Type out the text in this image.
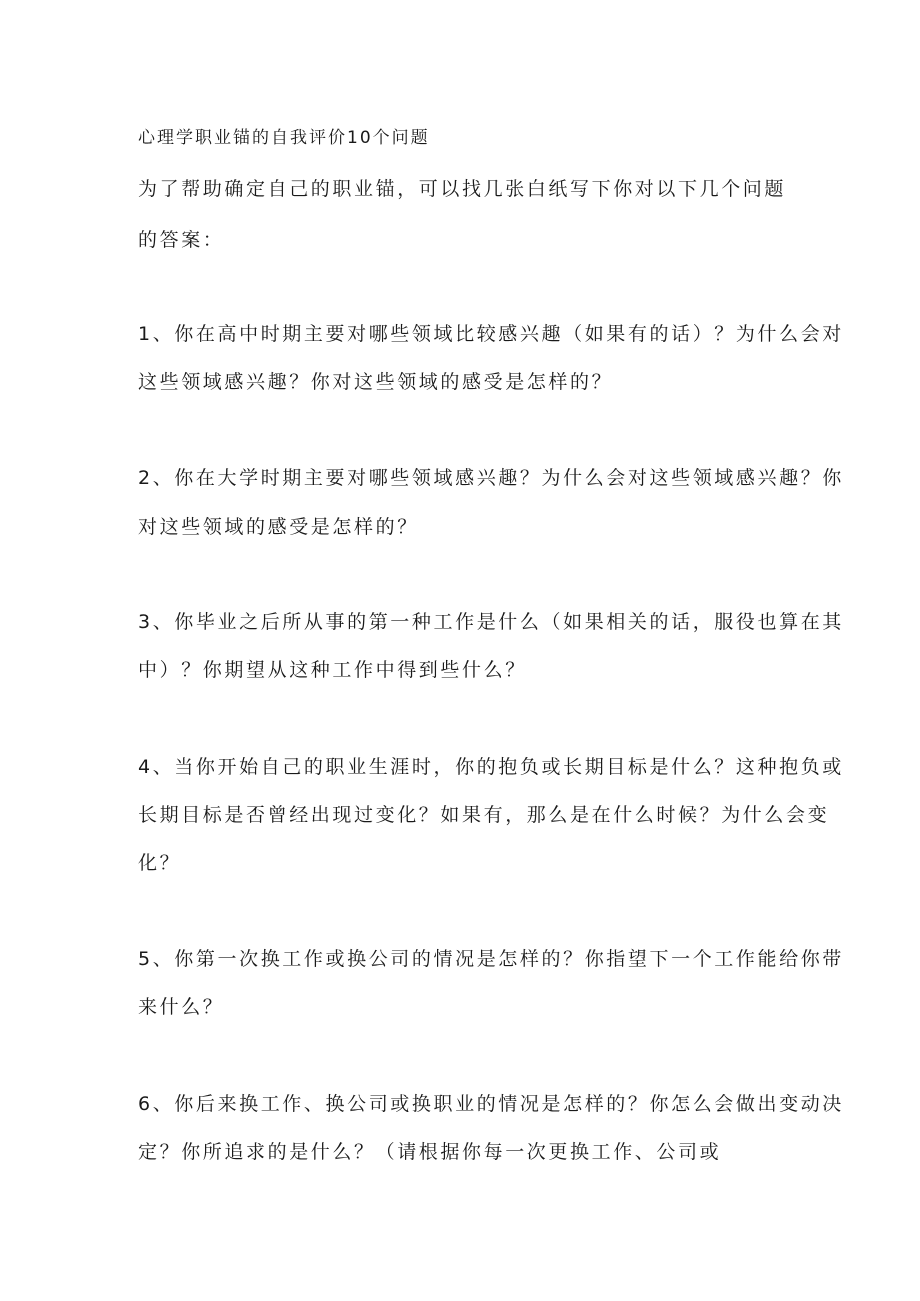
心理学职业锚的自我评价10个问题
为了帮助确定自己的职业锚，可以找几张白纸写下你对以下几个问题
的答案：
1、你在高中时期主要对哪些领域比较感兴趣（如果有的话）？为什么会对
这些领域感兴趣？你对这些领域的感受是怎样的？
2、你在大学时期主要对哪些领域感兴趣？为什么会对这些领域感兴趣？你
对这些领域的感受是怎样的？
3、你毕业之后所从事的第一种工作是什么（如果相关的话，服役也算在其
中）？你期望从这种工作中得到些什么？
4、当你开始自己的职业生涯时，你的抱负或长期目标是什么？这种抱负或
长期目标是否曾经出现过变化？如果有，那么是在什么时候？为什么会变
化？
5、你第一次换工作或换公司的情况是怎样的？你指望下一个工作能给你带
来什么？
6、你后来换工作、换公司或换职业的情况是怎样的？你怎么会做出变动决
定？你所追求的是什么？（请根据你每一次更换工作、公司或
